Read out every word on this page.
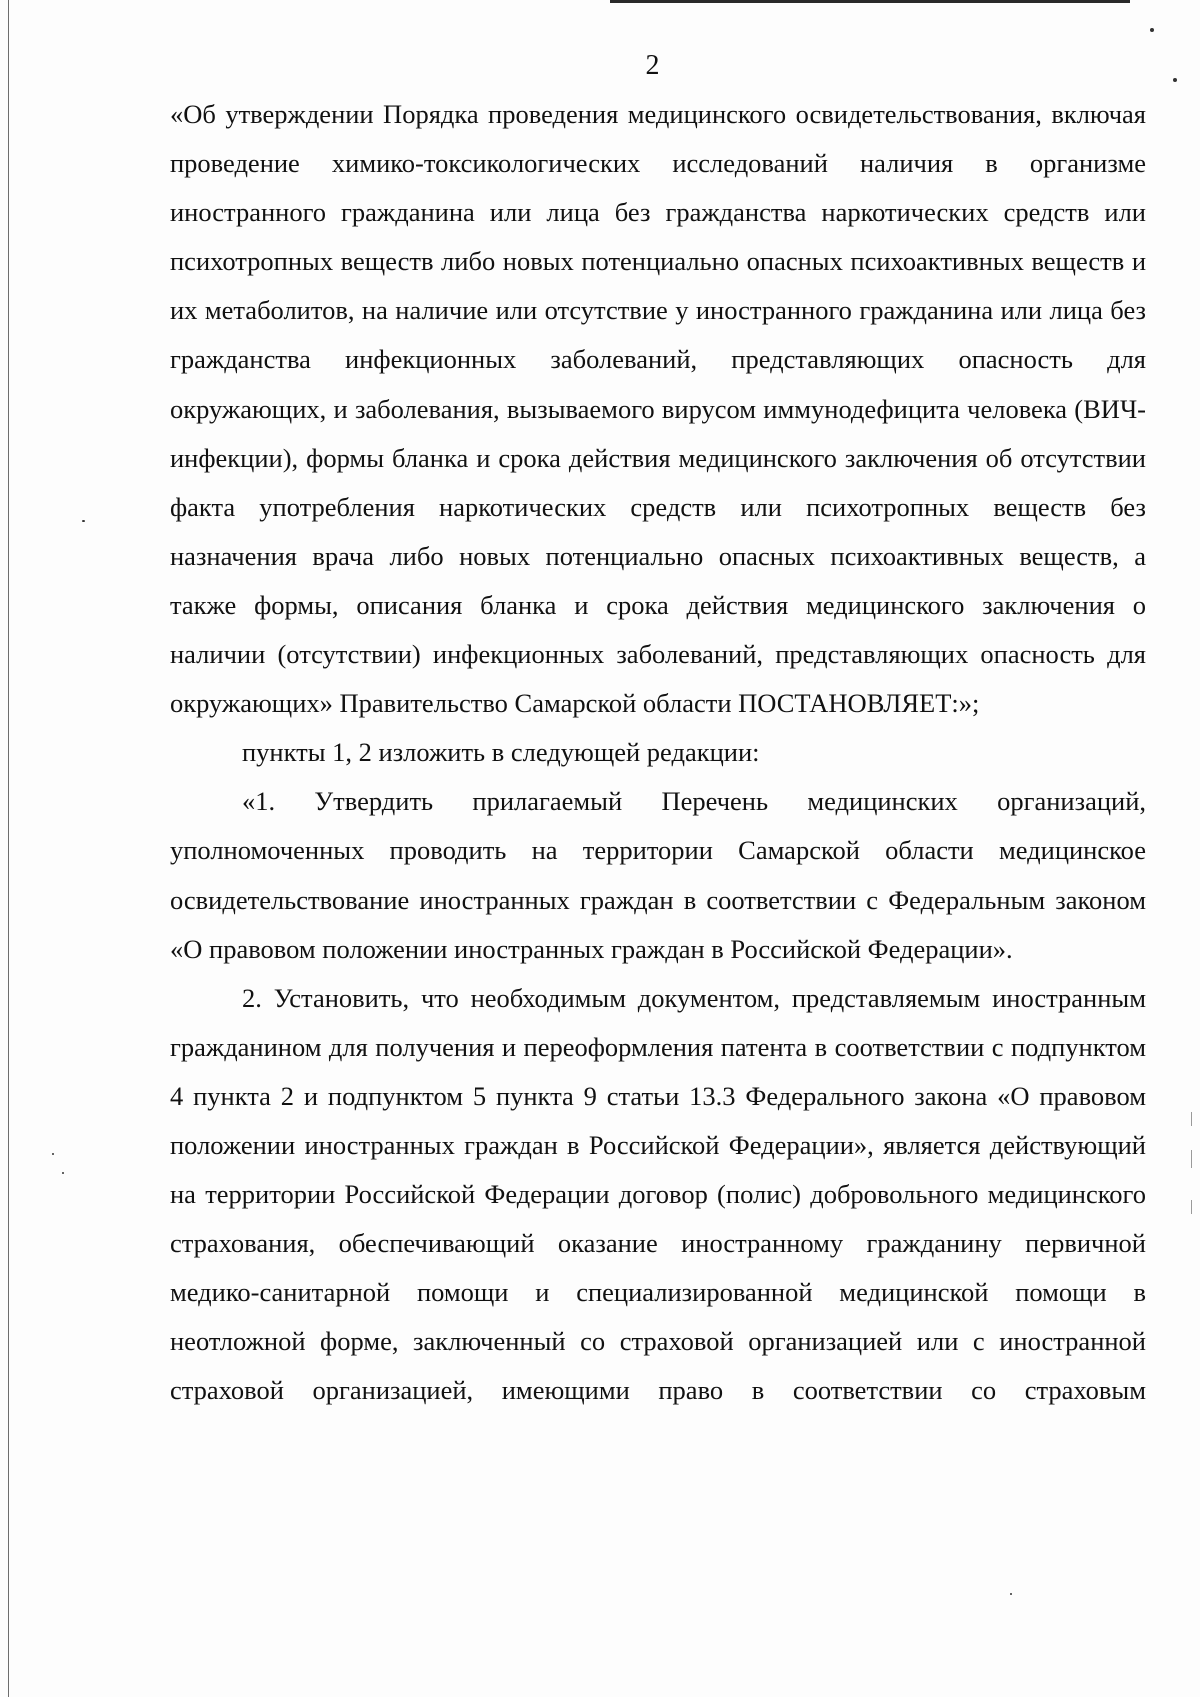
2

«Об утверждении Порядка проведения медицинского освидетельствования, включая проведение химико-токсикологических исследований наличия в организме иностранного гражданина или лица без гражданства наркотических средств или психотропных веществ либо новых потенциально опасных психоактивных веществ и их метаболитов, на наличие или отсутствие у иностранного гражданина или лица без гражданства инфекционных заболеваний, представляющих опасность для окружающих, и заболевания, вызываемого вирусом иммунодефицита человека (ВИЧ-инфекции), формы бланка и срока действия медицинского заключения об отсутствии факта употребления наркотических средств или психотропных веществ без назначения врача либо новых потенциально опасных психоактивных веществ, а также формы, описания бланка и срока действия медицинского заключения о наличии (отсутствии) инфекционных заболеваний, представляющих опасность для окружающих» Правительство Самарской области ПОСТАНОВЛЯЕТ:»;

пункты 1, 2 изложить в следующей редакции:

«1. Утвердить прилагаемый Перечень медицинских организаций, уполномоченных проводить на территории Самарской области медицинское освидетельствование иностранных граждан в соответствии с Федеральным законом «О правовом положении иностранных граждан в Российской Федерации».

2. Установить, что необходимым документом, представляемым иностранным гражданином для получения и переоформления патента в соответствии с подпунктом 4 пункта 2 и подпунктом 5 пункта 9 статьи 13.3 Федерального закона «О правовом положении иностранных граждан в Российской Федерации», является действующий на территории Российской Федерации договор (полис) добровольного медицинского страхования, обеспечивающий оказание иностранному гражданину первичной медико-санитарной помощи и специализированной медицинской помощи в неотложной форме, заключенный со страховой организацией или с иностранной страховой организацией, имеющими право в соответствии со страховым
